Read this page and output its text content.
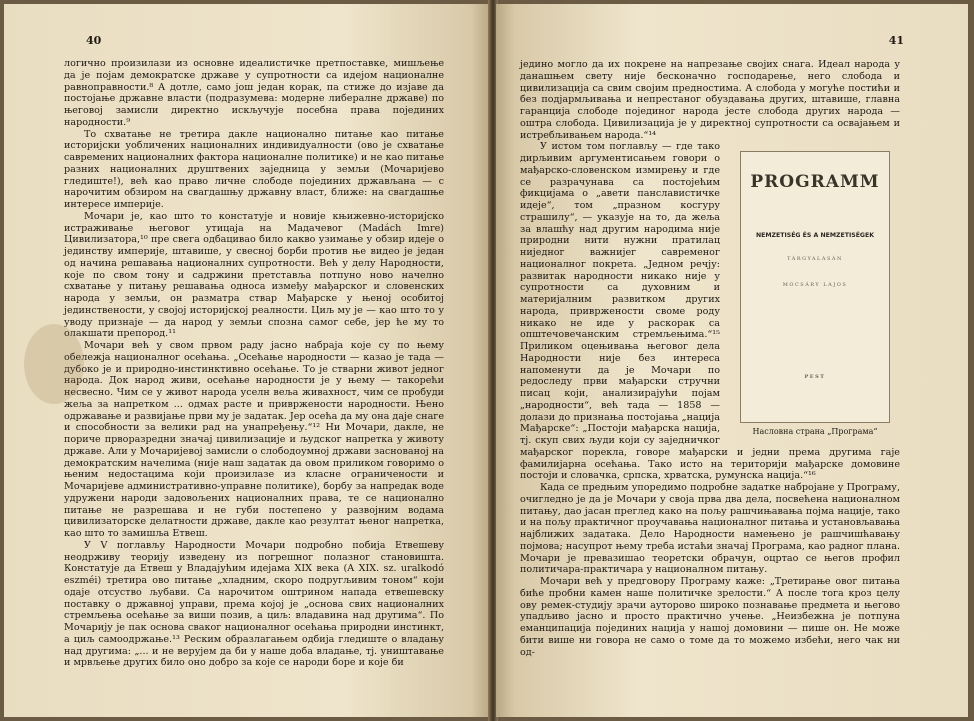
40

логично произилази из основне идеалистичке претпоставке, мишљење да је појам демократске државе у супротности са идејом националне равноправности.⁸ А дотле, само још један корак, па стиже до изјаве да постојање државне власти (подразумева: модерне либералне државе) по његовој замисли директно искључује посебна права појединих народности.⁹

То схватање не третира дакле национално питање као питање историјски уобличених националних индивидуалности (ово је схватање савремених националних фактора националне политике) и не као питање разних националних друштвених заједница у земљи (Мочаријево гледиште!), већ као право личне слободе појединих држављана — с нарочитим обзиром на свагдашњу државну власт, ближе: на свагдашње интересе империје.

Мочари је, као што то констатује и новије књижевно-историјско истраживање његовог утицаја на Мадачевог (Madách Imre) Цивилизатора,¹⁰ пре свега одбацивао било какво узимање у обзир идеје о јединству империје, штавише, у свесној борби против ње видео је један од начина решавања националних супротности. Већ у делу Народности, које по свом тону и садржини претставља потпуно ново начелно схватање у питању решавања односа између мађарског и словенских народа у земљи, он разматра ствар Мађарске у њеној особитој јединствености, у својој историјској реалности. Циљ му је — као што то у уводу признаје — да народ у земљи спозна самог себе, јер ће му то олакшати препород.¹¹

Мочари већ у свом првом раду јасно набраја које су по њему обележја националног осећања. „Осећање народности — казао је тада — дубоко је и природно-инстинктивно осећање. То је стварни живот једног народа. Док народ живи, осећање народности је у њему — такорећи несвесно. Чим се у живот народа уселн веља живахност, чим се пробуди жеља за напретком ... одмах расте и привржености народности. Њено одржавање и развијање први му је задатак. Јер осећа да му она даје снаге и способности за велики рад на унапређењу.“¹² Ни Мочари, дакле, не пориче прворазредни значај цивилизације и људског напретка у животу државе. Али у Мочаријевој замисли о слободоумној држави заснованој на демократским начелима (није наш задатак да овом приликом говоримо о њеним недостацима који произилазе из класне ограничености и Мочаријеве административно-управне политике), борбу за напредак воде удружени народи задовољених националних права, те се национално питање не разрешава и не губи постепено у развојним водама цивилизаторске делатности државе, дакле као резултат њеног напретка, као што то замишља Етвеш.

У V поглављу Народности Мочари подробно побија Етвешеву неодрживу теорију изведену из погрешног полазног становишта. Констатује да Етвеш у Владајућим идејама XIX века (A XIX. sz. uralkodó eszméi) третира ово питање „хладним, скоро подругљивим тоном“ који одаје отсуство љубави. Са нарочитом оштрином напада етвешевску поставку о државној управи, према којој је „основа свих националних стремљења осећање за виши позив, а циљ: владавина над другима“. По Мочарију је пак основа сваког националног осећања природни инстинкт, а циљ самоодржање.¹³ Реским образлагањем одбија гледиште о владању над другима: „... и не верујем да би у наше доба владање, тј. уништавање и мрвљење других било оно добро за које се народи боре и које би

41

једино могло да их покрене на напрезање својих снага. Идеал народа у данашњем свету није бесконачно господарење, него слобода и цивилизација са свим својим предностима. А слобода у могуће постићи и без подјармљивања и непрестаног обуздавања других, штавише, главна гаранција слободе појединог народа јесте слобода других народа — оштра слобода. Цивилизација је у директној супротности са освајањем и истребљивањем народа.“¹⁴

PROGRAMM
NEMZETISÉG ÉS A NEMZETISÉGEK
TÁRGYALÁSÁN
MOCSÁRY LAJOS
PEST
Насловна страна „Програма“

У истом том поглављу — где тако дирљивим аргументисањем говори о мађарско-словенском измирењу и где се разрачунава са постојећим фикцијама о „авети панславистичке идеје“, том „празном косгуру страшилу“, — указује на то, да жеља за влашћу над другим народима није природни нити нужни пратилац ниједног важнијег савременог националног покрета. „Једном речју: развитак народности никако није у супротности са духовним и материјалним развитком других народа, привржености своме роду никако не иде у раскорак са општечовечанским стремљењима.“¹⁵ Приликом оцењивања његовог дела Народности ниje без интереса напоменути да је Мочари по редоследу први мађарски стручни писац који, анализирајући појам „народности“, већ тада — 1858 — долази до признања постојања „нација Мађарске“: „Постоји мађарска нација, тј. скуп свих људи који су заједничког мађарског порекла, говоре мађарски и једни према другима гаје фамилијарна осећања. Тако исто на територији мађарске домовине постоји и словачка, српска, хрватска, румунска нација.“¹⁶

Када се предњим упоредимо подробне задатке набројане у Програму, очигледно је да је Мочари у своја прва два дела, посвећена националном питању, дао јасан преглед како на пољу рашчињавања појма нације, тако и на пољу практичног проучавања националног питања и установљавања најближих задатака. Дело Народности намењено је рашчишћавању појмова; насупрот њему треба истаћи значај Програма, као радног плана. Мочари је превазишао теоретски обрачун, оцртао се његов профил политичара-практичара у националном питању.

Мочари већ у предговору Програму каже: „Третирање овог питања биће пробни камен наше политичке зрелости.“ А после тога кроз целу ову ремек-студију зрачи ауторово широко познавање предмета и његово упадљиво јасно и просто практично учење. „Неизбежна је потпуна еманципација појединих нација у нашој домовини — пише он. Не може бити више ни говора не само о томе да то можемо избећи, него чак ни од-
